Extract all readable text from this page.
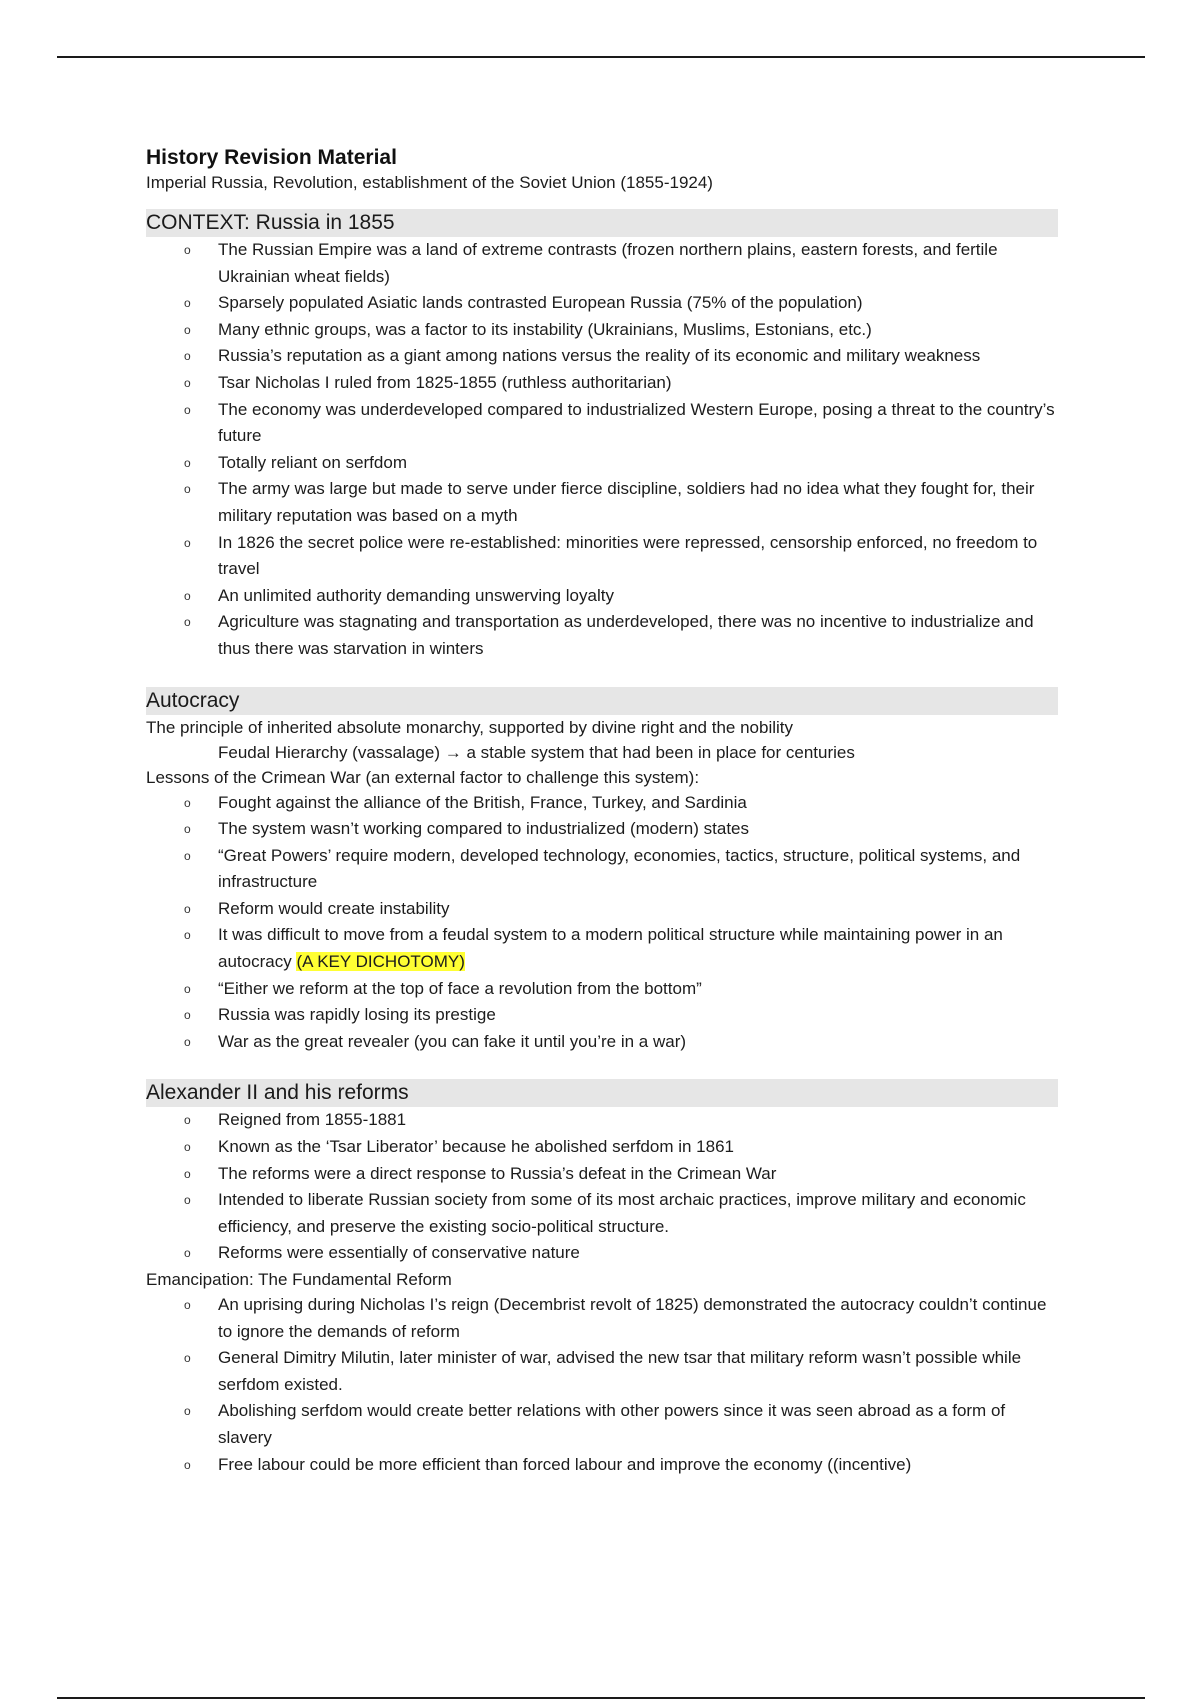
History Revision Material

Imperial Russia, Revolution, establishment of the Soviet Union (1855-1924)

CONTEXT: Russia in 1855
o	The Russian Empire was a land of extreme contrasts (frozen northern plains, eastern forests, and fertile Ukrainian wheat fields)
o	Sparsely populated Asiatic lands contrasted European Russia (75% of the population)
o	Many ethnic groups, was a factor to its instability (Ukrainians, Muslims, Estonians, etc.)
o	Russia’s reputation as a giant among nations versus the reality of its economic and military weakness
o	Tsar Nicholas I ruled from 1825-1855 (ruthless authoritarian)
o	The economy was underdeveloped compared to industrialized Western Europe, posing a threat to the country’s future
o	Totally reliant on serfdom
o	The army was large but made to serve under fierce discipline, soldiers had no idea what they fought for, their military reputation was based on a myth
o	In 1826 the secret police were re-established: minorities were repressed, censorship enforced, no freedom to travel
o	An unlimited authority demanding unswerving loyalty
o	Agriculture was stagnating and transportation as underdeveloped, there was no incentive to industrialize and thus there was starvation in winters
Autocracy

The principle of inherited absolute monarchy, supported by divine right and the nobility

Feudal Hierarchy (vassalage) → a stable system that had been in place for centuries

Lessons of the Crimean War (an external factor to challenge this system):

o	Fought against the alliance of the British, France, Turkey, and Sardinia
o	The system wasn’t working compared to industrialized (modern) states
o	“Great Powers’ require modern, developed technology, economies, tactics, structure, political systems, and infrastructure
o	Reform would create instability
o	It was difficult to move from a feudal system to a modern political structure while maintaining power in an autocracy (A KEY DICHOTOMY)
o	“Either we reform at the top of face a revolution from the bottom”
o	Russia was rapidly losing its prestige
o	War as the great revealer (you can fake it until you’re in a war)
Alexander II and his reforms
o	Reigned from 1855-1881
o	Known as the ‘Tsar Liberator’ because he abolished serfdom in 1861
o	The reforms were a direct response to Russia’s defeat in the Crimean War
o	Intended to liberate Russian society from some of its most archaic practices, improve military and economic efficiency, and preserve the existing socio-political structure.
o	Reforms were essentially of conservative nature

Emancipation: The Fundamental Reform

o	An uprising during Nicholas I’s reign (Decembrist revolt of 1825) demonstrated the autocracy couldn’t continue to ignore the demands of reform
o	General Dimitry Milutin, later minister of war, advised the new tsar that military reform wasn’t possible while serfdom existed.
o	Abolishing serfdom would create better relations with other powers since it was seen abroad as a form of slavery
o	Free labour could be more efficient than forced labour and improve the economy ((incentive)
